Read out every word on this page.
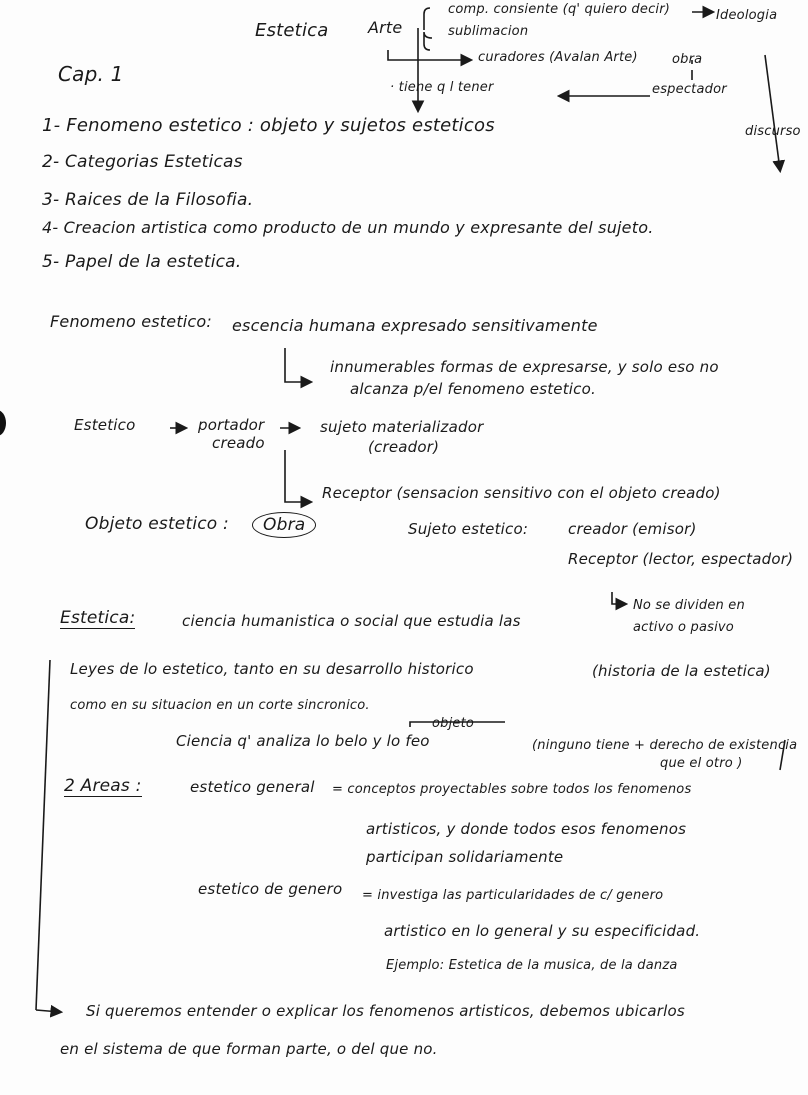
Estetica Arte
comp. consiente (q' quiero decir)	Ideologia
sublimacion
curadores (Avalan Arte)	obra
· tiene q l tener	espectador
discurso
Cap. 1
1- Fenomeno estetico : objeto y sujetos esteticos
2- Categorias Esteticas
3- Raices de la Filosofia.
4- Creacion artistica como producto de un mundo y expresante del sujeto.
5- Papel de la estetica.
Fenomeno estetico: escencia humana expresado sensitivamente
innumerables formas de expresarse, y solo eso no
alcanza p/el fenomeno estetico.
Estetico	portador
creado
sujeto materializador
(creador)
Receptor (sensacion sensitivo con el objeto creado)
Objeto estetico :	Obra	Sujeto estetico:	creador (emisor)
Receptor (lector, espectador)
No se dividen en
activo o pasivo
Estetica:	ciencia humanistica o social que estudia las
Leyes de lo estetico, tanto en su desarrollo historico	(historia de la estetica)
como en su situacion en un corte sincronico.
objeto
Ciencia q' analiza lo belo y lo feo	(ninguno tiene + derecho de existencia
que el otro )
2 Areas :	estetico general = conceptos proyectables sobre todos los fenomenos
artisticos, y donde todos esos fenomenos
participan solidariamente
estetico de genero = investiga las particularidades de c/ genero
artistico en lo general y su especificidad.
Ejemplo: Estetica de la musica, de la danza
Si queremos entender o explicar los fenomenos artisticos, debemos ubicarlos
en el sistema de que forman parte, o del que no.
